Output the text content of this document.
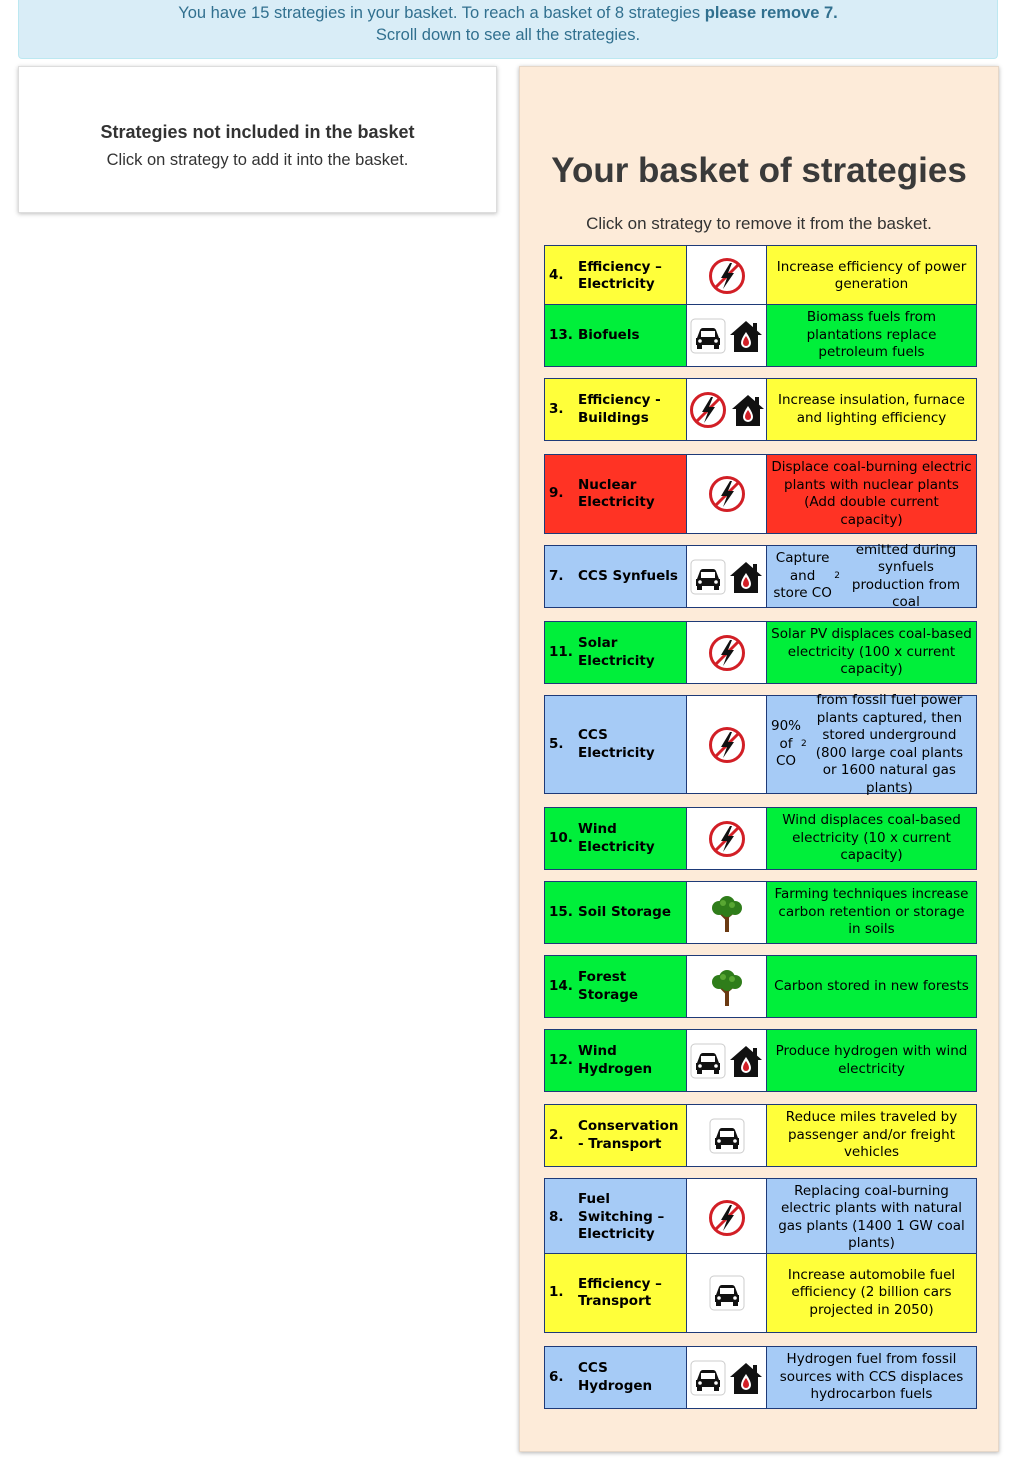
You have 15 strategies in your basket. To reach a basket of 8 strategies please remove 7.
Scroll down to see all the strategies.
Strategies not included in the basket
Click on strategy to add it into the basket.	Your basket of strategies
Click on strategy to remove it from the basket.
4.
Efficiency – Electricity
Increase efficiency of power generation
13. Biofuels
Biomass fuels from plantations replace petroleum fuels
3.
Efficiency - Buildings
Increase insulation, furnace and lighting efficiency
9.
Nuclear Electricity
Displace coal-burning electric plants with nuclear plants (Add double current capacity)
7.	CCS Synfuels
Capture and store CO
2
emitted during synfuels production from coal
11.
Solar Electricity
Solar PV displaces coal-based electricity (100 x current capacity)
5.
CCS Electricity
90% of CO
2
from fossil fuel power plants captured, then stored underground (800 large coal plants or 1600 natural gas plants)
10.
Wind Electricity
Wind displaces coal-based electricity (10 x current capacity)
15. Soil Storage
Farming techniques increase carbon retention or storage in soils
14.
Forest Storage
Carbon stored in new forests
12.
Wind Hydrogen
Produce hydrogen with wind electricity
2.
Conservation - Transport
Reduce miles traveled by passenger and/or freight vehicles
8.
Fuel Switching – Electricity
Replacing coal-burning electric plants with natural gas plants (1400 1 GW coal plants)
1.
Efficiency – Transport
Increase automobile fuel efficiency (2 billion cars projected in 2050)
6.
CCS Hydrogen
Hydrogen fuel from fossil sources with CCS displaces hydrocarbon fuels
